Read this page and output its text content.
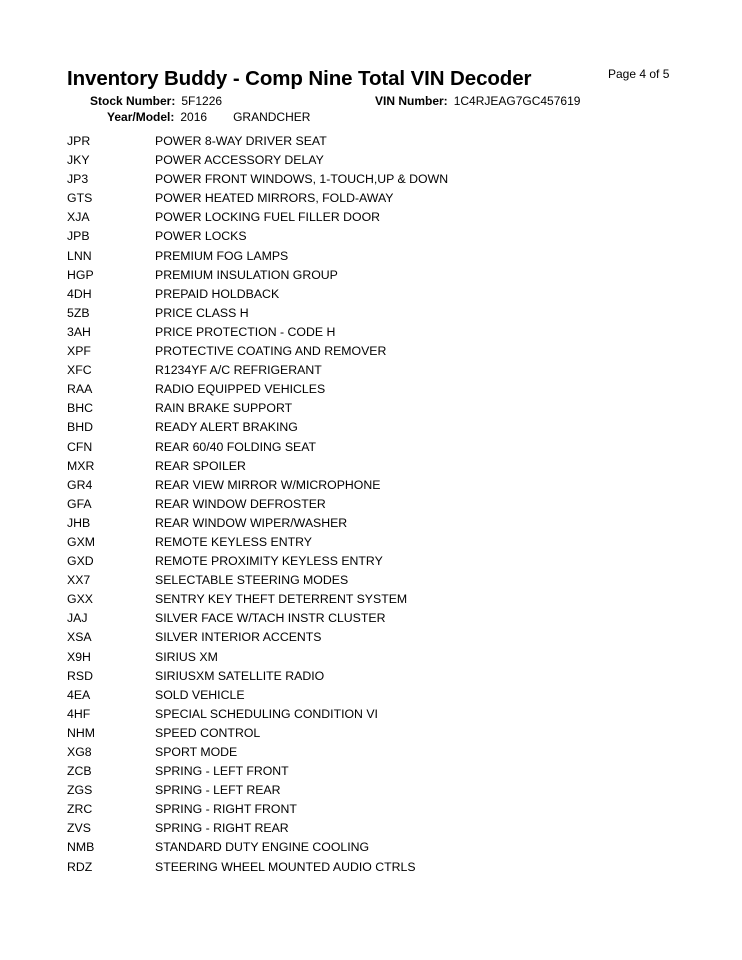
Inventory Buddy - Comp Nine Total VIN Decoder	Page 4 of 5
Stock Number: 5F1226	VIN Number: 1C4RJEAG7GC457619
Year/Model: 2016 GRANDCHER
JPR	POWER 8-WAY DRIVER SEAT
JKY	POWER ACCESSORY DELAY
JP3	POWER FRONT WINDOWS, 1-TOUCH,UP & DOWN
GTS	POWER HEATED MIRRORS, FOLD-AWAY
XJA	POWER LOCKING FUEL FILLER DOOR
JPB	POWER LOCKS
LNN	PREMIUM FOG LAMPS
HGP	PREMIUM INSULATION GROUP
4DH	PREPAID HOLDBACK
5ZB	PRICE CLASS H
3AH	PRICE PROTECTION - CODE H
XPF	PROTECTIVE COATING AND REMOVER
XFC	R1234YF A/C REFRIGERANT
RAA	RADIO EQUIPPED VEHICLES
BHC	RAIN BRAKE SUPPORT
BHD	READY ALERT BRAKING
CFN	REAR 60/40 FOLDING SEAT
MXR	REAR SPOILER
GR4	REAR VIEW MIRROR W/MICROPHONE
GFA	REAR WINDOW DEFROSTER
JHB	REAR WINDOW WIPER/WASHER
GXM	REMOTE KEYLESS ENTRY
GXD	REMOTE PROXIMITY KEYLESS ENTRY
XX7	SELECTABLE STEERING MODES
GXX	SENTRY KEY THEFT DETERRENT SYSTEM
JAJ	SILVER FACE W/TACH INSTR CLUSTER
XSA	SILVER INTERIOR ACCENTS
X9H	SIRIUS XM
RSD	SIRIUSXM SATELLITE RADIO
4EA	SOLD VEHICLE
4HF	SPECIAL SCHEDULING CONDITION VI
NHM	SPEED CONTROL
XG8	SPORT MODE
ZCB	SPRING - LEFT FRONT
ZGS	SPRING - LEFT REAR
ZRC	SPRING - RIGHT FRONT
ZVS	SPRING - RIGHT REAR
NMB	STANDARD DUTY ENGINE COOLING
RDZ	STEERING WHEEL MOUNTED AUDIO CTRLS
